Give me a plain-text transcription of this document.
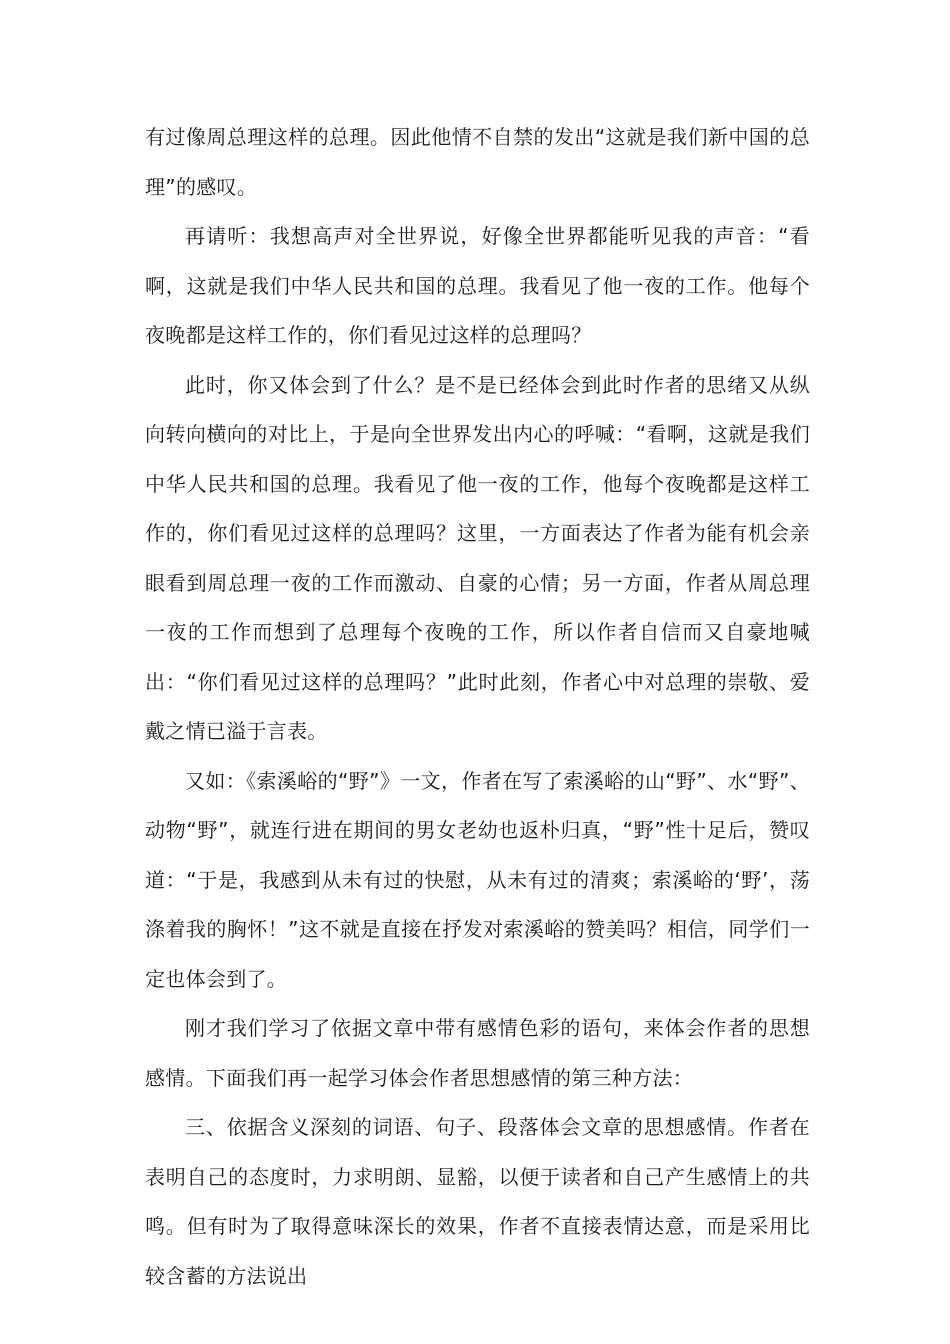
有过像周总理这样的总理。因此他情不自禁的发出“这就是我们新中国的总理”的感叹。

再请听：我想高声对全世界说，好像全世界都能听见我的声音：“看啊，这就是我们中华人民共和国的总理。我看见了他一夜的工作。他每个夜晚都是这样工作的，你们看见过这样的总理吗？

此时，你又体会到了什么？是不是已经体会到此时作者的思绪又从纵向转向横向的对比上，于是向全世界发出内心的呼喊：“看啊，这就是我们中华人民共和国的总理。我看见了他一夜的工作，他每个夜晚都是这样工作的，你们看见过这样的总理吗？这里，一方面表达了作者为能有机会亲眼看到周总理一夜的工作而激动、自豪的心情；另一方面，作者从周总理一夜的工作而想到了总理每个夜晚的工作，所以作者自信而又自豪地喊出：“你们看见过这样的总理吗？”此时此刻，作者心中对总理的崇敬、爱戴之情已溢于言表。

又如：《索溪峪的“野”》一文，作者在写了索溪峪的山“野”、水“野”、动物“野”，就连行进在期间的男女老幼也返朴归真，“野”性十足后，赞叹道：“于是，我感到从未有过的快慰，从未有过的清爽；索溪峪的‘野’，荡涤着我的胸怀！”这不就是直接在抒发对索溪峪的赞美吗？相信，同学们一定也体会到了。

刚才我们学习了依据文章中带有感情色彩的语句，来体会作者的思想感情。下面我们再一起学习体会作者思想感情的第三种方法：

三、依据含义深刻的词语、句子、段落体会文章的思想感情。作者在表明自己的态度时，力求明朗、显豁，以便于读者和自己产生感情上的共鸣。但有时为了取得意味深长的效果，作者不直接表情达意，而是采用比较含蓄的方法说出
